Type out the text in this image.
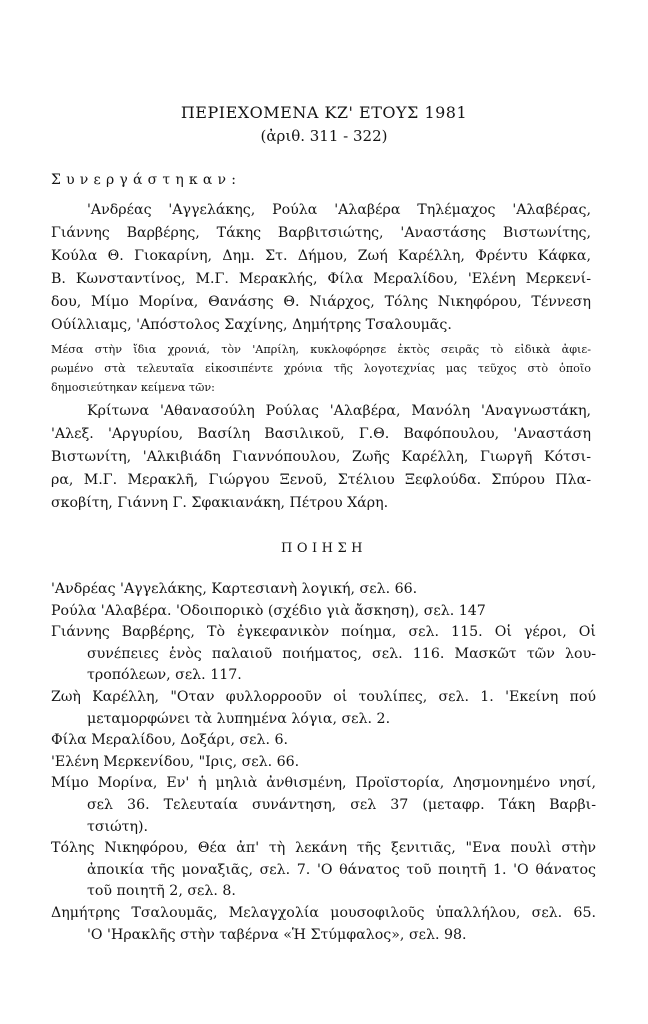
ΠΕΡΙΕΧΟΜΕΝΑ ΚΖ' ΕΤΟΥΣ 1981
(ἀριθ. 311 - 322)
Συνεργάστηκαν:
'Ανδρέας 'Αγγελάκης, Ρούλα 'Αλαβέρα Τηλέμαχος 'Αλαβέρας,
Γιάννης Βαρβέρης, Τάκης Βαρβιτσιώτης, 'Αναστάσης Βιστωνίτης,
Κούλα Θ. Γιοκαρίνη, Δημ. Στ. Δήμου, Ζωή Καρέλλη, Φρέντυ Κάφκα,
Β. Κωνσταντίνος, Μ.Γ. Μερακλής, Φίλα Μεραλίδου, 'Ελένη Μερκενί-
δου, Μίμο Μορίνα, Θανάσης Θ. Νιάρχος, Τόλης Νικηφόρου, Τέννεση
Ούίλλιαμς, 'Απόστολος Σαχίνης, Δημήτρης Τσαλουμᾶς.
Μέσα στὴν ἴδια χρονιά, τὸν 'Απρίλη, κυκλοφόρησε ἐκτὸς σειρᾶς τὸ εἰδικὰ ἀφιε-
ρωμένο στὰ τελευταῖα εἰκοσιπέντε χρόνια τῆς λογοτεχνίας μας τεῦχος στὸ ὁποῖο
δημοσιεύτηκαν κείμενα τῶν:
Κρίτωνα 'Αθανασούλη Ρούλας 'Αλαβέρα, Μανόλη 'Αναγνωστάκη,
'Αλεξ. 'Αργυρίου, Βασίλη Βασιλικοῦ, Γ.Θ. Βαφόπουλου, 'Αναστάση
Βιστωνίτη, 'Αλκιβιάδη Γιαννόπουλου, Ζωῆς Καρέλλη, Γιωργῆ Κότσι-
ρα, Μ.Γ. Μερακλῆ, Γιώργου Ξενοῦ, Στέλιου Ξεφλούδα. Σπύρου Πλα-
σκοβίτη, Γιάννη Γ. Σφακιανάκη, Πέτρου Χάρη.
ΠΟΙΗΣΗ
'Ανδρέας 'Αγγελάκης, Καρτεσιανὴ λογική, σελ. 66.
Ρούλα 'Αλαβέρα. 'Οδοιπορικὸ (σχέδιο γιὰ ἄσκηση), σελ. 147
Γιάννης Βαρβέρης, Τὸ ἐγκεφανικὸν ποίημα, σελ. 115. Οἱ γέροι, Οἱ
συνέπειες ἑνὸς παλαιοῦ ποιήματος, σελ. 116. Μασκῶτ τῶν λου-
τροπόλεων, σελ. 117.
Ζωὴ Καρέλλη, "Οταν φυλλορροοῦν οἱ τουλίπες, σελ. 1. 'Εκείνη πού
μεταμορφώνει τὰ λυπημένα λόγια, σελ. 2.
Φίλα Μεραλίδου, Δοξάρι, σελ. 6.
'Ελένη Μερκενίδου, "Ιρις, σελ. 66.
Μίμο Μορίνα, Εν' ἡ μηλιὰ ἀνθισμένη, Προϊστορία, Λησμονημένο νησί,
σελ 36. Τελευταία συνάντηση, σελ 37 (μεταφρ. Τάκη Βαρβι-
τσιώτη).
Τόλης Νικηφόρου, Θέα ἀπ' τὴ λεκάνη τῆς ξενιτιᾶς, "Ενα πουλὶ στὴν
ἀποικία τῆς μοναξιᾶς, σελ. 7. 'Ο θάνατος τοῦ ποιητῆ 1. 'Ο θάνατος
τοῦ ποιητῆ 2, σελ. 8.
Δημήτρης Τσαλουμᾶς, Μελαγχολία μουσοφιλοῦς ὑπαλλήλου, σελ. 65.
'Ο 'Ηρακλῆς στὴν ταβέρνα «Ἡ Στύμφαλος», σελ. 98.
